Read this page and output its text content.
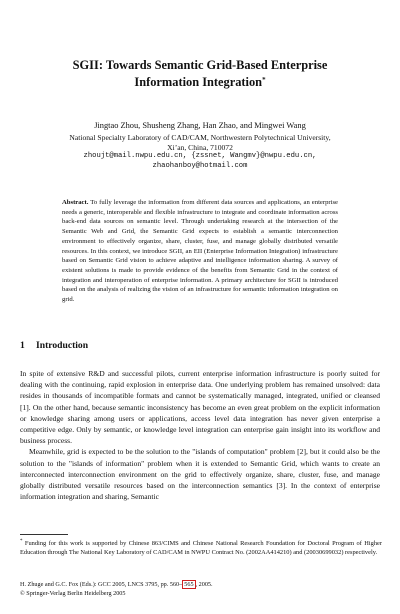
SGII: Towards Semantic Grid-Based Enterprise
Information Integration*
Jingtao Zhou, Shusheng Zhang, Han Zhao, and Mingwei Wang
National Specialty Laboratory of CAD/CAM, Northwestern Polytechnical University,
Xi’an, China, 710072
zhoujt@mail.nwpu.edu.cn, {zssnet, Wangmv}@nwpu.edu.cn,
zhaohanboy@hotmail.com
Abstract. To fully leverage the information from different data sources and applications, an enterprise needs a generic, interoperable and flexible infrastructure to integrate and coordinate information across back-end data sources on semantic level. Through undertaking research at the intersection of the Semantic Web and Grid, the Semantic Grid expects to establish a semantic interconnection environment to effectively organize, share, cluster, fuse, and manage globally distributed versatile resources. In this context, we introduce SGII, an EII (Enterprise Information Integration) infrastructure based on Semantic Grid vision to achieve adaptive and intelligence information sharing. A survey of existent solutions is made to provide evidence of the benefits from Semantic Grid in the context of integration and interoperation of enterprise information. A primary architecture for SGII is introduced based on the analysis of realizing the vision of an infrastructure for semantic information integration on grid.
1 Introduction

In spite of extensive R&D and successful pilots, current enterprise information infrastructure is poorly suited for dealing with the continuing, rapid explosion in enterprise data. One underlying problem has remained unsolved: data resides in thousands of incompatible formats and cannot be systematically managed, integrated, unified or cleansed [1]. On the other hand, because semantic inconsistency has become an even great problem on the explicit information or knowledge sharing among users or applications, access level data integration has never given enterprise a competitive edge. Only by semantic, or knowledge level integration can enterprise gain insight into its workflow and business process.

Meanwhile, grid is expected to be the solution to the "islands of computation" problem [2], but it could also be the solution to the "islands of information" problem when it is extended to Semantic Grid, which wants to create an interconnected interconnection environment on the grid to effectively organize, share, cluster, fuse, and manage globally distributed versatile resources based on the interconnection semantics [3]. In the context of enterprise information integration and sharing, Semantic

* Funding for this work is supported by Chinese 863/CIMS and Chinese National Research Foundation for Doctoral Program of Higher Education through The National Key Laboratory of CAD/CAM in NWPU Contract No. (2002AA414210) and (20030699032) respectively.
H. Zhuge and G.C. Fox (Eds.): GCC 2005, LNCS 3795, pp. 560– 565 , 2005.
© Springer-Verlag Berlin Heidelberg 2005
